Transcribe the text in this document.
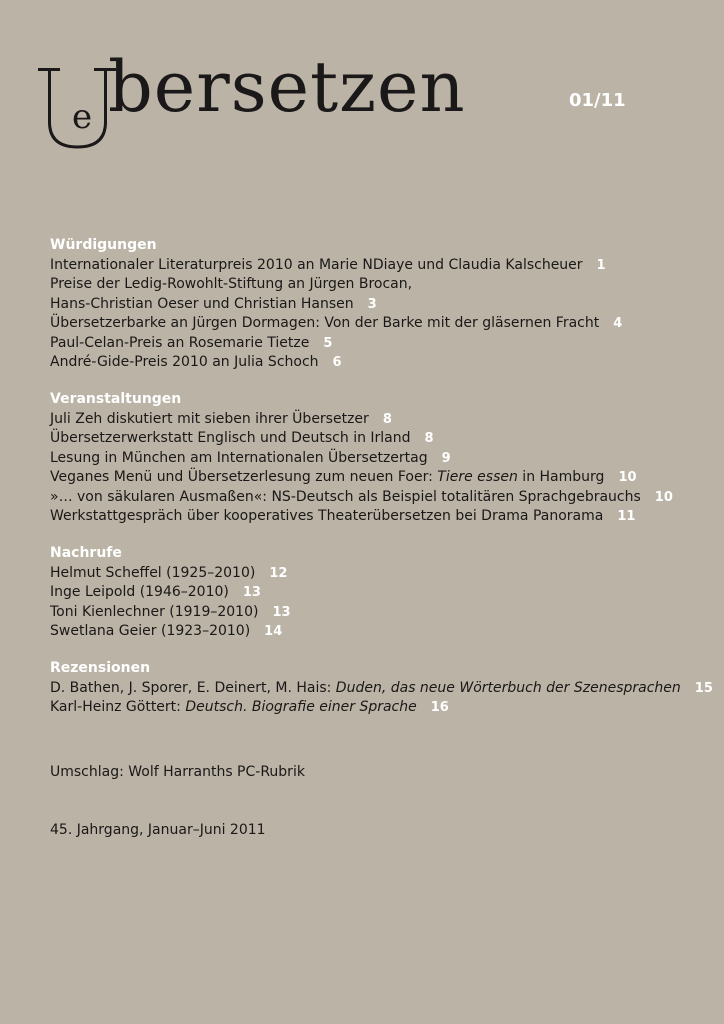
e bersetzen	01/11
Würdigungen
Internationaler Literaturpreis 2010 an Marie NDiaye und Claudia Kalscheuer 1
Preise der Ledig-Rowohlt-Stiftung an Jürgen Brocan,
Hans-Christian Oeser und Christian Hansen 3
Übersetzerbarke an Jürgen Dormagen: Von der Barke mit der gläsernen Fracht 4
Paul-Celan-Preis an Rosemarie Tietze 5
André-Gide-Preis 2010 an Julia Schoch 6
Veranstaltungen
Juli Zeh diskutiert mit sieben ihrer Übersetzer 8
Übersetzerwerkstatt Englisch und Deutsch in Irland 8
Lesung in München am Internationalen Übersetzertag 9
Veganes Menü und Übersetzerlesung zum neuen Foer: Tiere essen in Hamburg 10
»… von säkularen Ausmaßen«: NS-Deutsch als Beispiel totalitären Sprachgebrauchs 10
Werkstattgespräch über kooperatives Theaterübersetzen bei Drama Panorama 11
Nachrufe
Helmut Scheffel (1925–2010) 12
Inge Leipold (1946–2010) 13
Toni Kienlechner (1919–2010) 13
Swetlana Geier (1923–2010) 14
Rezensionen
D. Bathen, J. Sporer, E. Deinert, M. Hais: Duden, das neue Wörterbuch der Szenesprachen 15
Karl-Heinz Göttert: Deutsch. Biografie einer Sprache 16
Umschlag: Wolf Harranths PC-Rubrik
45. Jahrgang, Januar–Juni 2011
